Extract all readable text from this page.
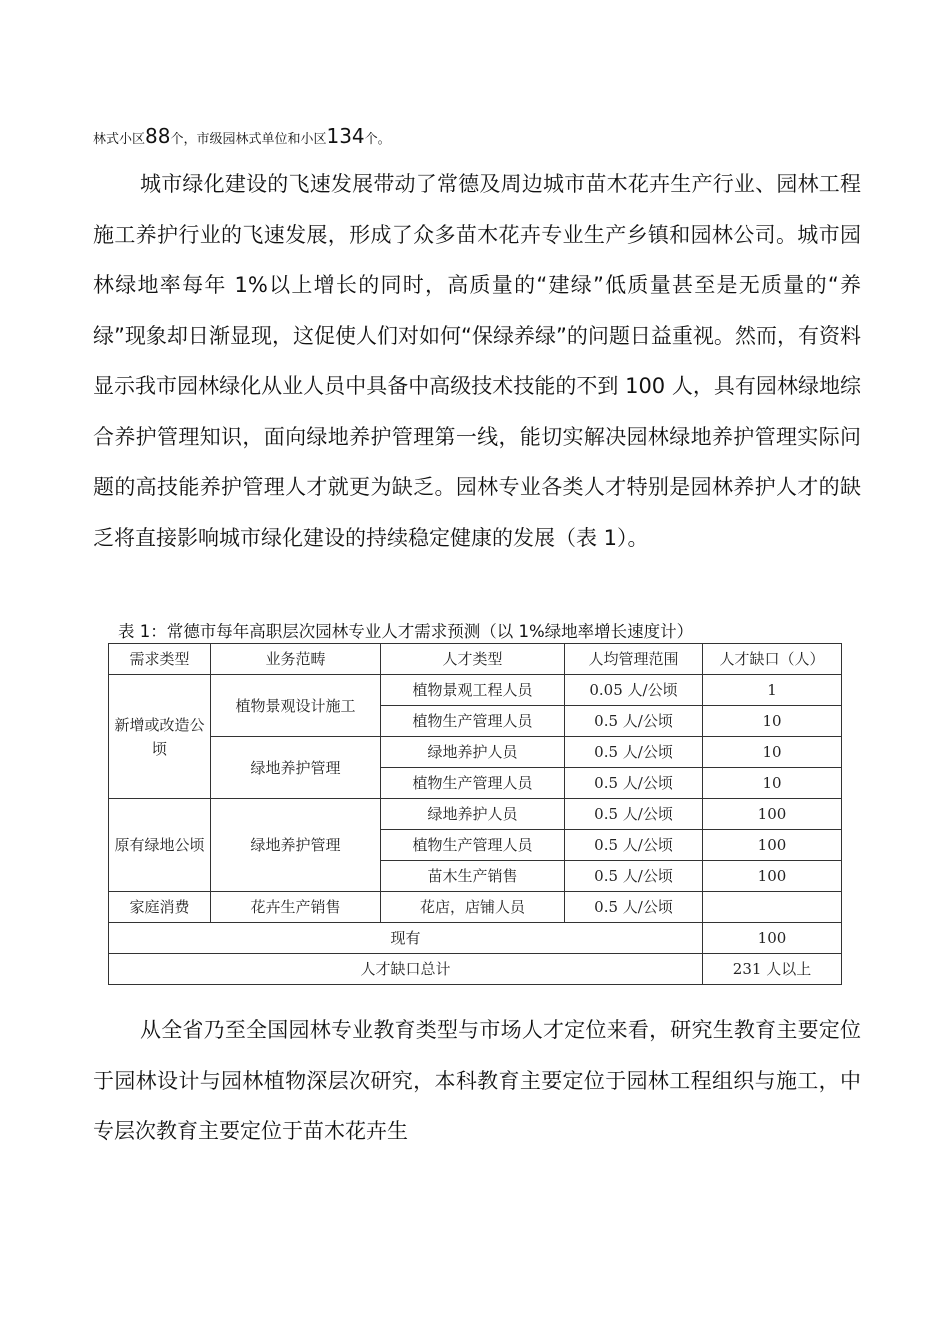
林式小区88个，市级园林式单位和小区134个。

城市绿化建设的飞速发展带动了常德及周边城市苗木花卉生产行业、园林工程施工养护行业的飞速发展，形成了众多苗木花卉专业生产乡镇和园林公司。城市园林绿地率每年 1%以上增长的同时，高质量的“建绿”低质量甚至是无质量的“养绿”现象却日渐显现，这促使人们对如何“保绿养绿”的问题日益重视。然而，有资料显示我市园林绿化从业人员中具备中高级技术技能的不到 100 人，具有园林绿地综合养护管理知识，面向绿地养护管理第一线，能切实解决园林绿地养护管理实际问题的高技能养护管理人才就更为缺乏。园林专业各类人才特别是园林养护人才的缺乏将直接影响城市绿化建设的持续稳定健康的发展（表 1）。

表 1：常德市每年高职层次园林专业人才需求预测（以 1%绿地率增长速度计）
需求类型	业务范畴	人才类型	人均管理范围	人才缺口（人）
新增或改造公顷	植物景观设计施工	植物景观工程人员	0.05 人/公顷	1
		植物生产管理人员	0.5 人/公顷	10
	绿地养护管理	绿地养护人员	0.5 人/公顷	10
		植物生产管理人员	0.5 人/公顷	10
原有绿地公顷	绿地养护管理	绿地养护人员	0.5 人/公顷	100
		植物生产管理人员	0.5 人/公顷	100
		苗木生产销售	0.5 人/公顷	100
家庭消费	花卉生产销售	花店，店铺人员	0.5 人/公顷	
现有				100
人才缺口总计				231 人以上

从全省乃至全国园林专业教育类型与市场人才定位来看，研究生教育主要定位于园林设计与园林植物深层次研究，本科教育主要定位于园林工程组织与施工，中专层次教育主要定位于苗木花卉生
